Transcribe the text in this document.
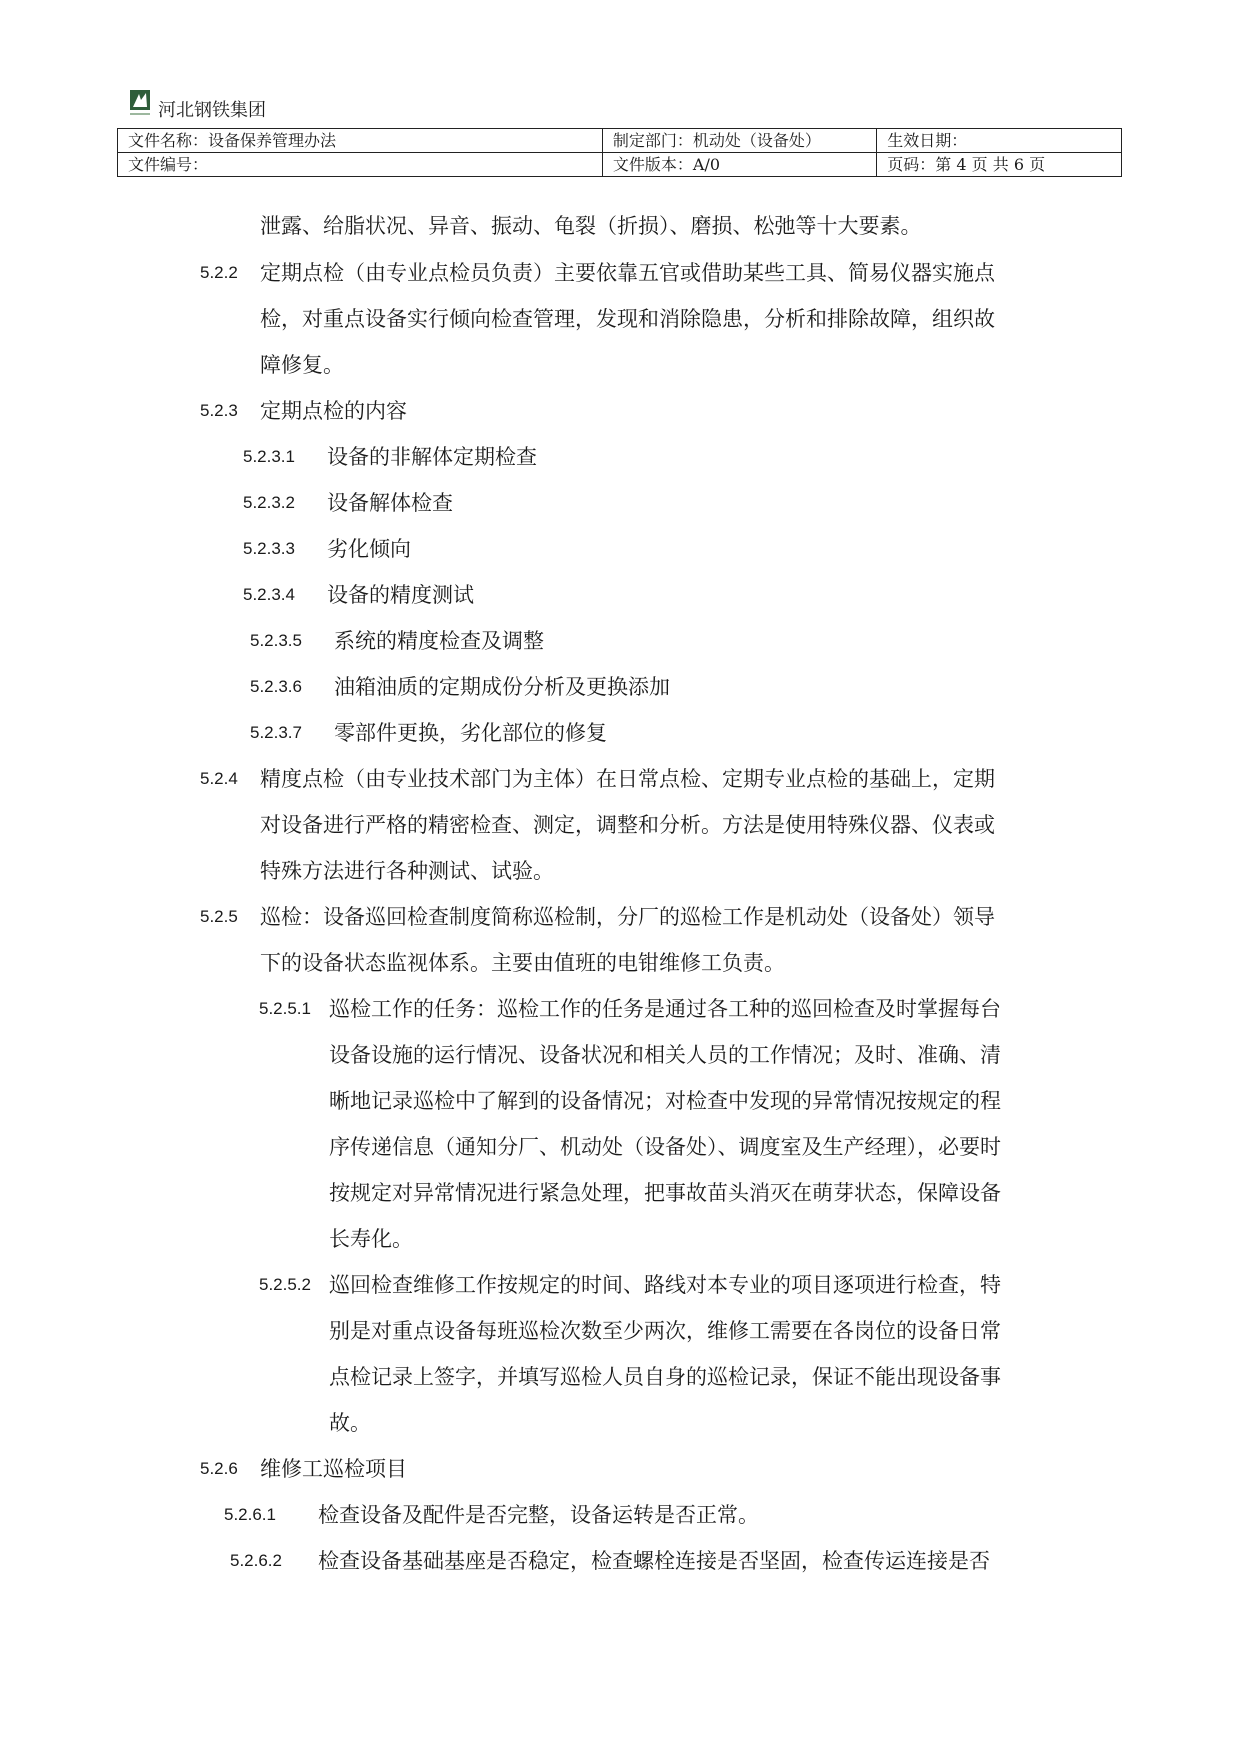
河北钢铁集团
文件名称：设备保养管理办法	制定部门：机动处（设备处）	生效日期：
文件编号：	文件版本：A/0	页码：第 4 页 共 6 页
泄露、给脂状况、异音、振动、龟裂（折损）、磨损、松弛等十大要素。
5.2.2 定期点检（由专业点检员负责）主要依靠五官或借助某些工具、简易仪器实施点
检，对重点设备实行倾向检查管理，发现和消除隐患，分析和排除故障，组织故
障修复。
5.2.3 定期点检的内容
5.2.3.1 设备的非解体定期检查
5.2.3.2 设备解体检查
5.2.3.3 劣化倾向
5.2.3.4 设备的精度测试
5.2.3.5 系统的精度检查及调整
5.2.3.6 油箱油质的定期成份分析及更换添加
5.2.3.7 零部件更换，劣化部位的修复
5.2.4 精度点检（由专业技术部门为主体）在日常点检、定期专业点检的基础上，定期
对设备进行严格的精密检查、测定，调整和分析。方法是使用特殊仪器、仪表或
特殊方法进行各种测试、试验。
5.2.5 巡检：设备巡回检查制度简称巡检制，分厂的巡检工作是机动处（设备处）领导
下的设备状态监视体系。主要由值班的电钳维修工负责。
5.2.5.1 巡检工作的任务：巡检工作的任务是通过各工种的巡回检查及时掌握每台
设备设施的运行情况、设备状况和相关人员的工作情况；及时、准确、清
晰地记录巡检中了解到的设备情况；对检查中发现的异常情况按规定的程
序传递信息（通知分厂、机动处（设备处）、调度室及生产经理），必要时
按规定对异常情况进行紧急处理，把事故苗头消灭在萌芽状态，保障设备
长寿化。
5.2.5.2 巡回检查维修工作按规定的时间、路线对本专业的项目逐项进行检查，特
别是对重点设备每班巡检次数至少两次，维修工需要在各岗位的设备日常
点检记录上签字，并填写巡检人员自身的巡检记录，保证不能出现设备事
故。
5.2.6 维修工巡检项目
5.2.6.1 检查设备及配件是否完整，设备运转是否正常。
5.2.6.2 检查设备基础基座是否稳定，检查螺栓连接是否坚固，检查传运连接是否
